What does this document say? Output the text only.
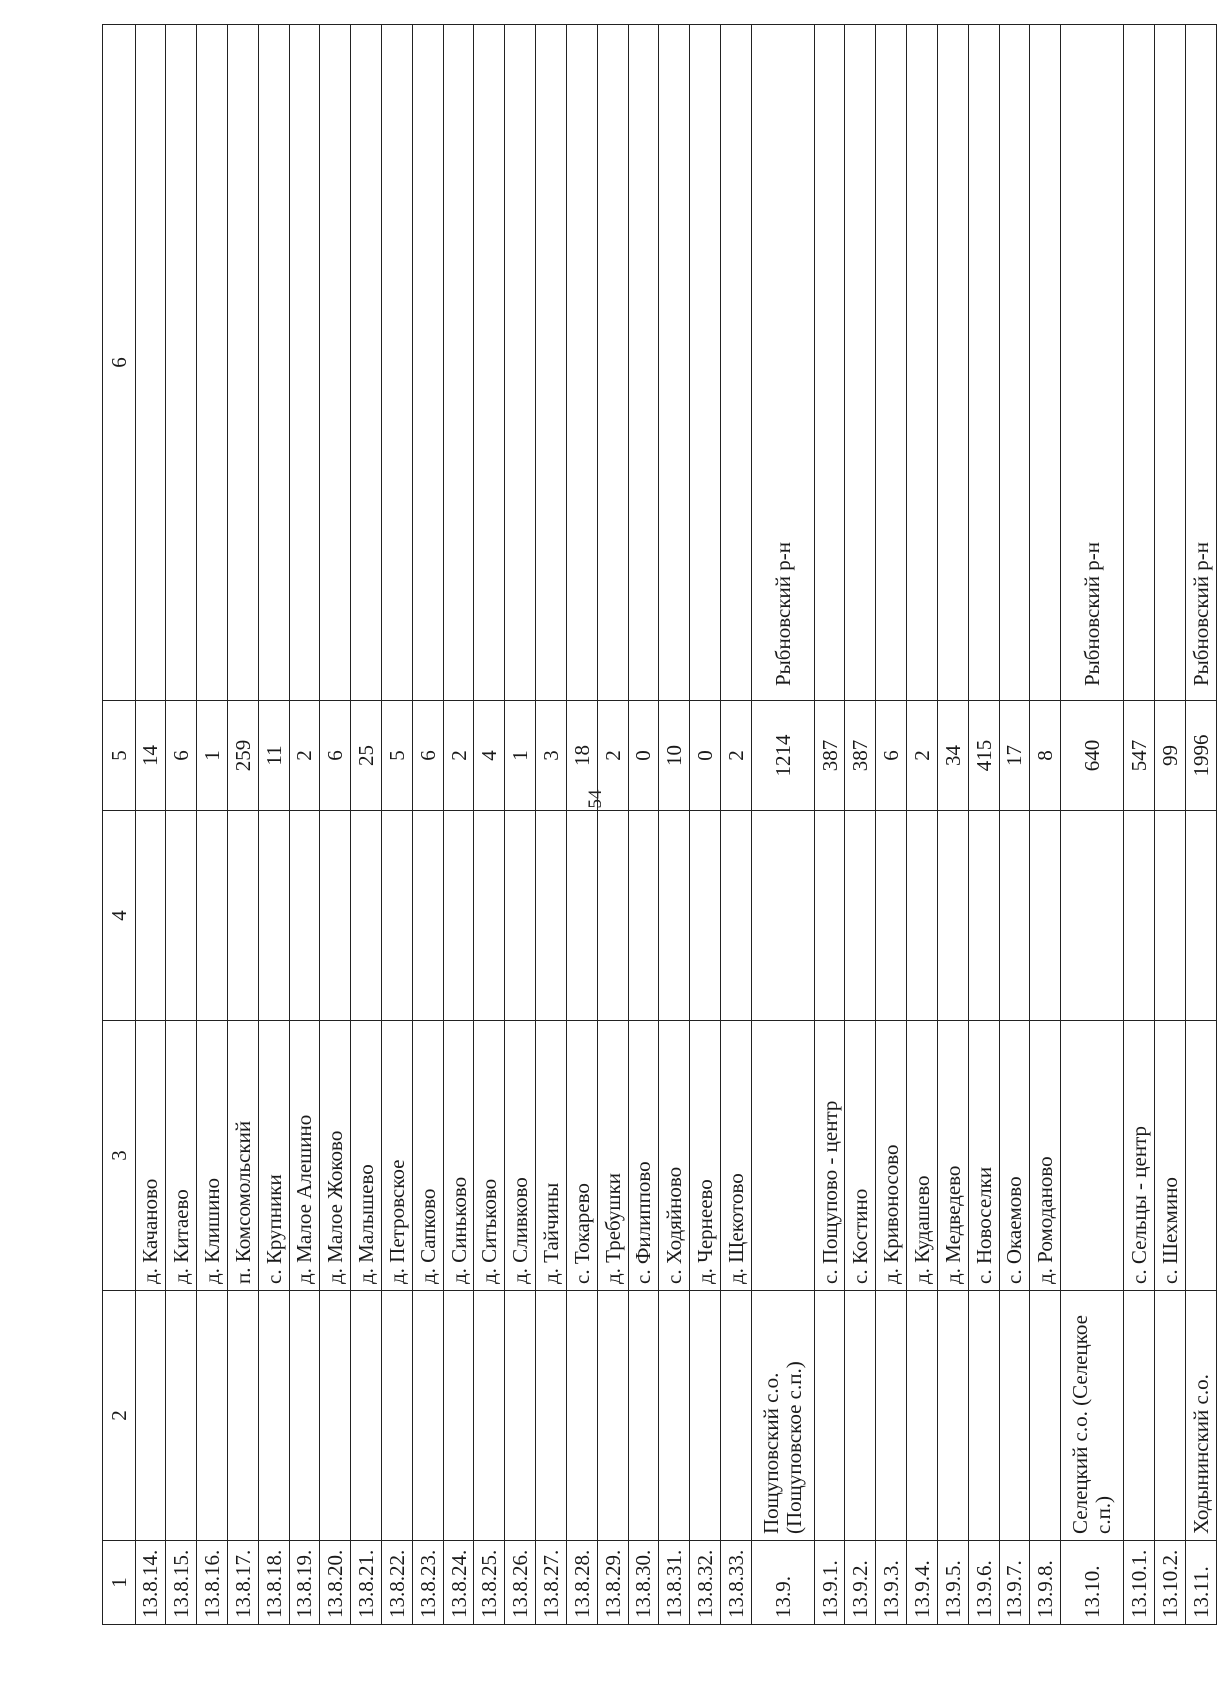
54
1	2	3	4	5	6
13.8.14.		д. Качаново		14	
13.8.15.		д. Китаево		6	
13.8.16.		д. Клишино		1	
13.8.17.		п. Комсомольский		259	
13.8.18.		с. Крупники		11	
13.8.19.		д. Малое Алешино		2	
13.8.20.		д. Малое Жоково		6	
13.8.21.		д. Малышево		25	
13.8.22.		д. Петровское		5	
13.8.23.		д. Сапково		6	
13.8.24.		д. Синьково		2	
13.8.25.		д. Ситьково		4	
13.8.26.		д. Сливково		1	
13.8.27.		д. Тайчины		3	
13.8.28.		с. Токарево		18	
13.8.29.		д. Требушки		2	
13.8.30.		с. Филиппово		0	
13.8.31.		с. Ходяйново		10	
13.8.32.		д. Чернеево		0	
13.8.33.		д. Щекотово		2	
13.9.	Пощуповский с.о. (Пощуповское с.п.)			1214	Рыбновский р-н
13.9.1.		с. Пощупово - центр		387	
13.9.2.		с. Костино		387	
13.9.3.		д. Кривоносово		6	
13.9.4.		д. Кудашево		2	
13.9.5.		д. Медведево		34	
13.9.6.		с. Новоселки		415	
13.9.7.		с. Окаемово		17	
13.9.8.		д. Ромоданово		8	
13.10.	Селецкий с.о. (Селецкое с.п.)			640	Рыбновский р-н
13.10.1.		с. Сельцы - центр		547	
13.10.2.		с. Шехмино		99	
13.11.	Ходынинский с.о.			1996	Рыбновский р-н
